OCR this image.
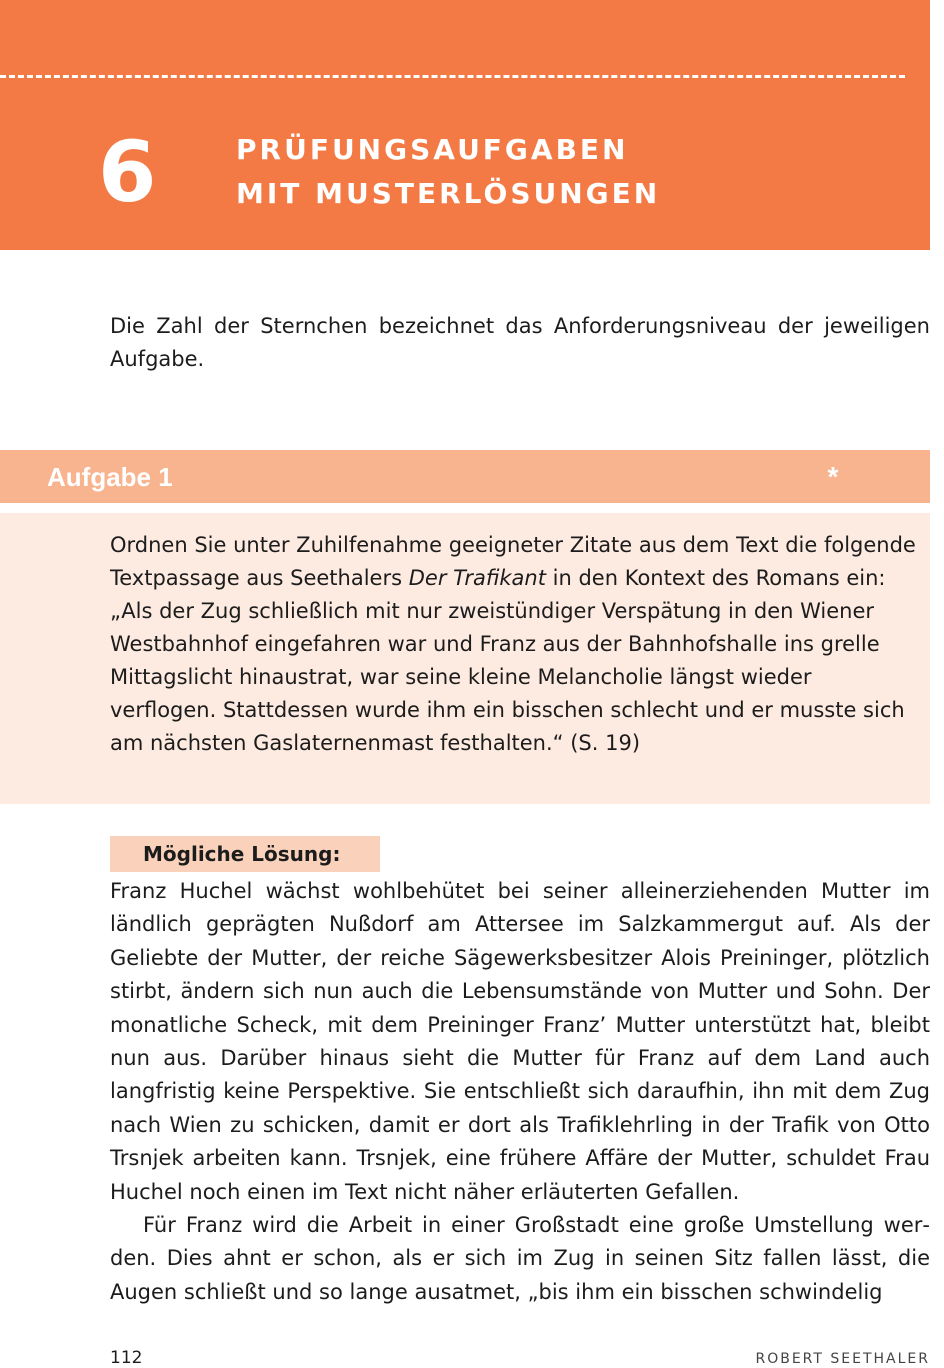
6	PRÜFUNGSAUFGABEN
MIT MUSTERLÖSUNGEN
Die Zahl der Sternchen bezeichnet das Anforderungsniveau der jeweiligen Aufgabe.
Aufgabe 1	*

Ordnen Sie unter Zuhilfenahme geeigneter Zitate aus dem Text die folgende Textpassage aus Seethalers Der Trafikant in den Kontext des Romans ein:

„Als der Zug schließlich mit nur zweistündiger Verspätung in den Wiener Westbahnhof eingefahren war und Franz aus der Bahnhofshalle ins grelle Mittagslicht hinaustrat, war seine kleine Melancholie längst wieder verflogen. Stattdessen wurde ihm ein bisschen schlecht und er musste sich am nächsten Gaslaternenmast festhalten.“ (S. 19)

Mögliche Lösung:

Franz Huchel wächst wohlbehütet bei seiner alleinerziehenden Mutter im ländlich geprägten Nußdorf am Attersee im Salzkammergut auf. Als der Geliebte der Mutter, der reiche Sägewerksbesitzer Alois Preininger, plötzlich stirbt, ändern sich nun auch die Lebensumstände von Mutter und Sohn. Der monatliche Scheck, mit dem Preininger Franz’ Mutter unterstützt hat, bleibt nun aus. Darüber hinaus sieht die Mutter für Franz auf dem Land auch langfristig keine Perspektive. Sie entschließt sich daraufhin, ihn mit dem Zug nach Wien zu schicken, damit er dort als Trafiklehrling in der Trafik von Otto Trsnjek arbeiten kann. Trsnjek, eine frühere Affäre der Mutter, schuldet Frau Huchel noch einen im Text nicht näher erläuterten Gefallen.

Für Franz wird die Arbeit in einer Großstadt eine große Umstellung werden. Dies ahnt er schon, als er sich im Zug in seinen Sitz fallen lässt, die Augen schließt und so lange ausatmet, „bis ihm ein bisschen schwindelig

112	ROBERT SEETHALER
